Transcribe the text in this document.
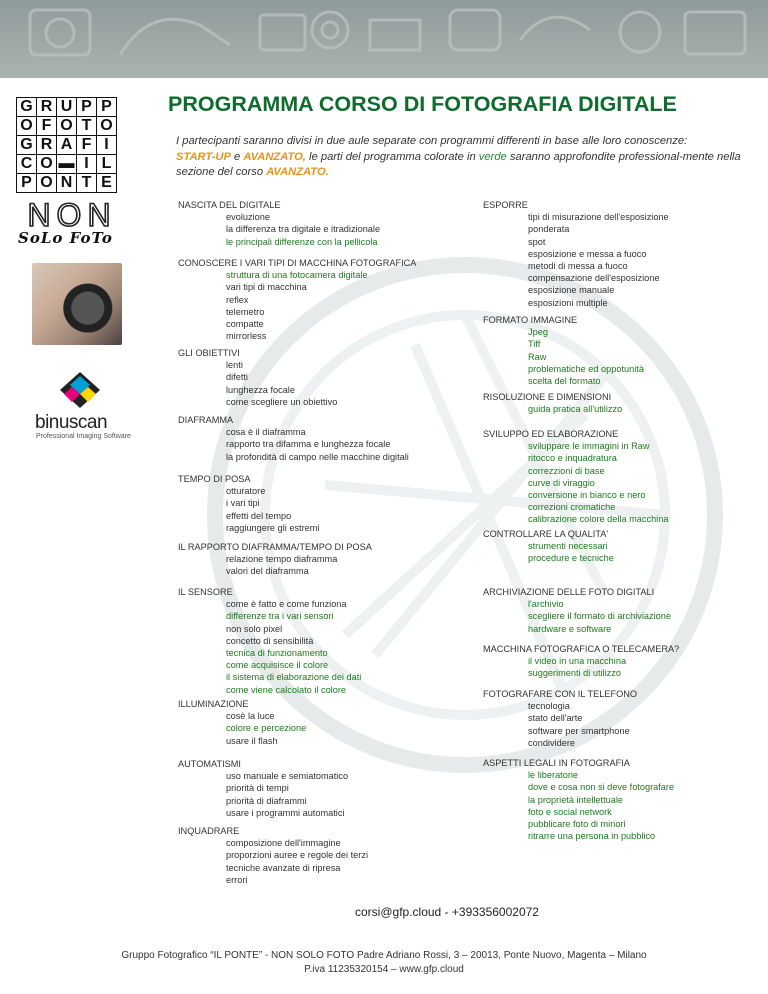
G	R	U	P	P
O	F	O	T	O
G	R	A	F	I
C	O	▬	I	L
P	O	N	T	E
NON
SoLo FoTo
binuscan
Professional Imaging Software
PROGRAMMA CORSO DI FOTOGRAFIA DIGITALE

I partecipanti saranno divisi in due aule separate con programmi differenti in base alle loro conoscenze:
START-UP e AVANZATO, le parti del programma colorate in verde saranno approfondite professional-mente nella sezione del corso AVANZATO.

NASCITA DEL DIGITALE
evoluzione
la differenza tra digitale e itradizionale
le principali differenze con la pellicola
CONOSCERE I VARI TIPI DI MACCHINA FOTOGRAFICA
struttura di una fotocamera digitale
vari tipi di macchina
reflex
telemetro
compatte
mirrorless
GLI OBIETTIVI
lenti
difetti
lunghezza focale
come scegliere un obiettivo
DIAFRAMMA
cosa è il diaframma
rapporto tra difamma e lunghezza focale
la profondità di campo nelle macchine digitali
TEMPO DI POSA
otturatore
i vari tipi
effetti del tempo
raggiungere gli estremi
IL RAPPORTO DIAFRAMMA/TEMPO DI POSA
relazione tempo diaframma
valori del diaframma
IL SENSORE
come è fatto e come funziona
differenze tra i vari sensori
non solo pixel
concetto di sensibilità
tecnica di funzionamento
come acquisisce il colore
il sistema di elaborazione dei dati
come viene calcolato il colore
ILLUMINAZIONE
cosè la luce
colore e percezione
usare il flash
AUTOMATISMI
uso manuale e semiatomatico
priorità di tempi
priorità di diaframmi
usare i programmi automatici
INQUADRARE
composizione dell'immagine
proporzioni auree e regole dei terzi
tecniche avanzate di ripresa
errori
ESPORRE
tipi di misurazione dell'esposizione
ponderata
spot
esposizione e messa a fuoco
metodi di messa a fuoco
compensazione dell'esposizione
esposizione manuale
esposizioni multiple
FORMATO IMMAGINE
Jpeg
Tiff
Raw
problematiche ed oppotunità
scelta del formato
RISOLUZIONE E DIMENSIONI
guida pratica all'utilizzo
SVILUPPO ED ELABORAZIONE
sviluppare le immagini in Raw
ritocco e inquadratura
correzzioni di base
curve di viraggio
conversione in bianco e nero
correzioni cromatiche
calibrazione colore della macchina
CONTROLLARE LA QUALITA'
strumenti necessari
procedure e tecniche
ARCHIVIAZIONE DELLE FOTO DIGITALI
l'archivio
scegliere il formato di archiviazione
hardware e software
MACCHINA FOTOGRAFICA O TELECAMERA?
il video in una macchina
suggerimenti di utilizzo
FOTOGRAFARE CON IL TELEFONO
tecnologia
stato dell'arte
software per smartphone
condividere
ASPETTI LEGALI IN FOTOGRAFIA
le liberatorie
dove e cosa non si deve fotografare
la proprietà intellettuale
foto e social network
pubblicare foto di minori
ritrarre una persona in pubblico
corsi@gfp.cloud - +393356002072
Gruppo Fotografico “IL PONTE” - NON SOLO FOTO Padre Adriano Rossi, 3 – 20013, Ponte Nuovo, Magenta – Milano
P.iva 11235320154 – www.gfp.cloud
